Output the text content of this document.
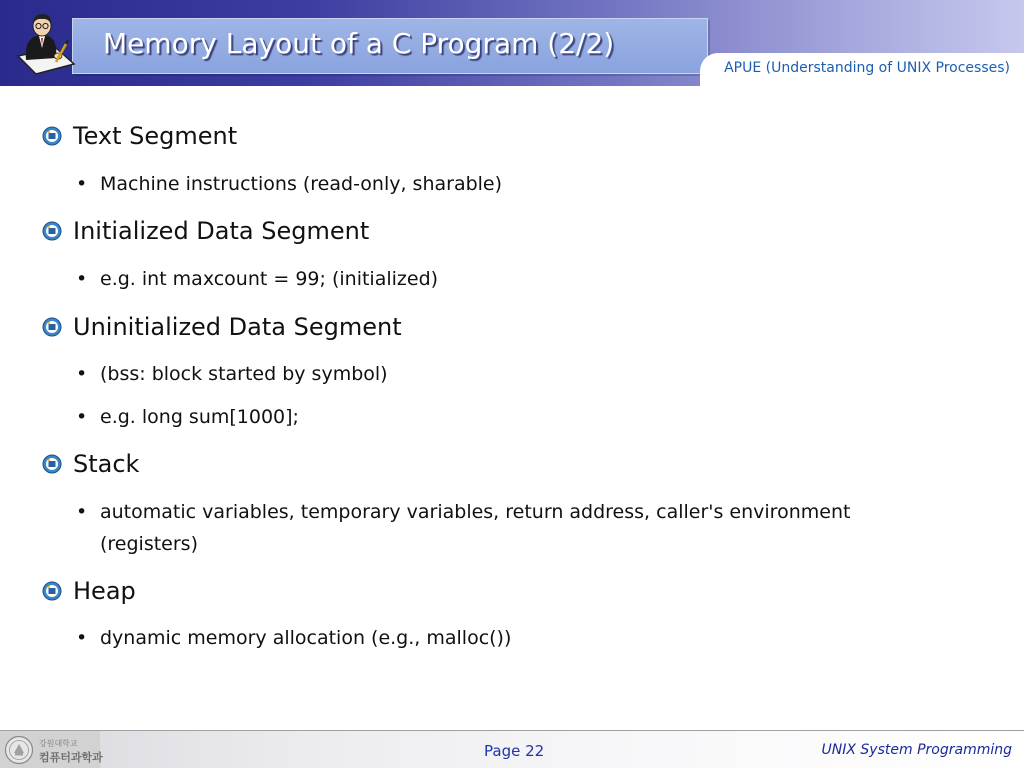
Memory Layout of a C Program (2/2)
APUE (Understanding of UNIX Processes)
Text Segment
• Machine instructions (read-only, sharable)
Initialized Data Segment
• e.g. int maxcount = 99; (initialized)
Uninitialized Data Segment
• (bss: block started by symbol)
• e.g. long sum[1000];
Stack
• automatic variables, temporary variables, return address, caller's environment (registers)
Heap
• dynamic memory allocation (e.g., malloc())
강원대학교
컴퓨터과학과	Page 22	UNIX System Programming
